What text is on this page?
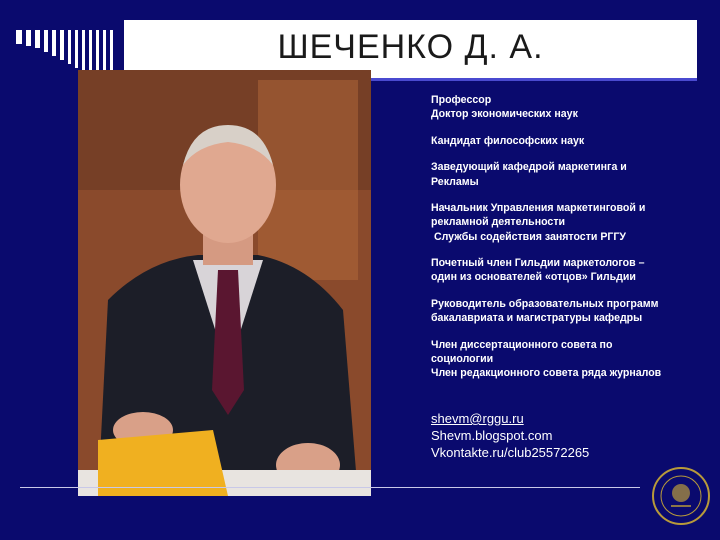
ШЕЧЕНКО Д. А.

Профессор

Доктор экономических наук

Кандидат философских наук

Заведующий кафедрой маркетинга и

Рекламы

Начальник Управления маркетинговой и

рекламной деятельности

Службы содействия занятости РГГУ

Почетный член Гильдии маркетологов –

один из основателей «отцов» Гильдии

Руководитель образовательных программ

бакалавриата и магистратуры кафедры

Член диссертационного совета по

социологии

Член редакционного совета ряда журналов

shevm@rggu.ru
Shevm.blogspot.com
Vkontakte.ru/club25572265
